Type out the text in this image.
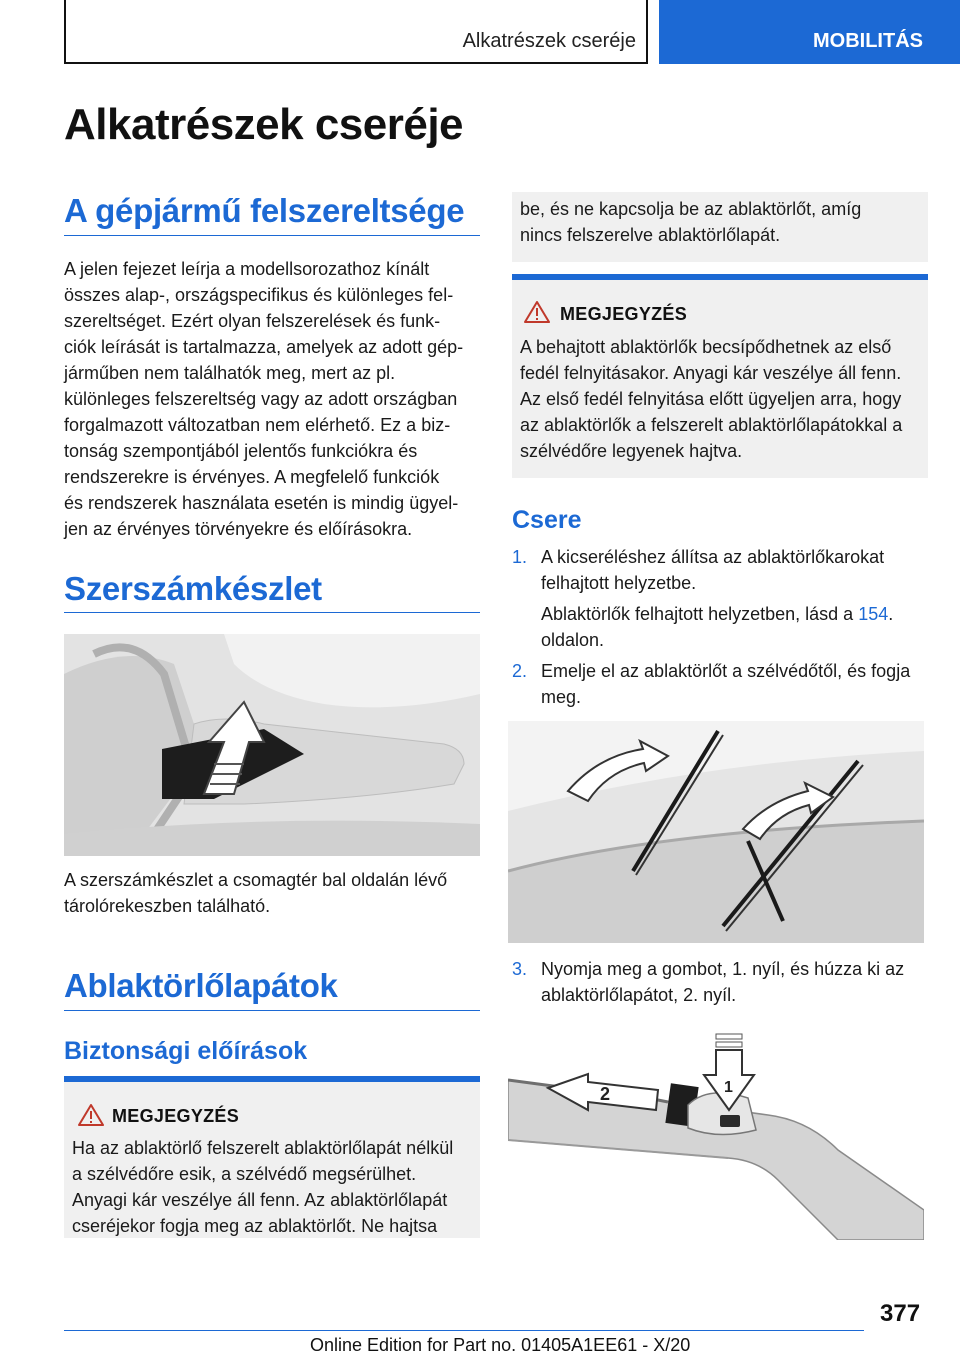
Alkatrészek cseréje	MOBILITÁS
Alkatrészek cseréje
A gépjármű felszereltsége
A jelen fejezet leírja a modellsorozathoz kínált
összes alap-, országspecifikus és különleges fel-
szereltséget. Ezért olyan felszerelések és funk-
ciók leírását is tartalmazza, amelyek az adott gép-
járműben nem találhatók meg, mert az pl.
különleges felszereltség vagy az adott országban
forgalmazott változatban nem elérhető. Ez a biz-
tonság szempontjából jelentős funkciókra és
rendszerekre is érvényes. A megfelelő funkciók
és rendszerek használata esetén is mindig ügyel-
jen az érvényes törvényekre és előírásokra.
Szerszámkészlet
A szerszámkészlet a csomagtér bal oldalán lévő
tárolórekeszben található.
Ablaktörlőlapátok
Biztonsági előírások
MEGJEGYZÉS
Ha az ablaktörlő felszerelt ablaktörlőlapát nélkül
a szélvédőre esik, a szélvédő megsérülhet.
Anyagi kár veszélye áll fenn. Az ablaktörlőlapát
cseréjekor fogja meg az ablaktörlőt. Ne hajtsa
be, és ne kapcsolja be az ablaktörlőt, amíg
nincs felszerelve ablaktörlőlapát.
MEGJEGYZÉS
A behajtott ablaktörlők becsípődhetnek az első
fedél felnyitásakor. Anyagi kár veszélye áll fenn.
Az első fedél felnyitása előtt ügyeljen arra, hogy
az ablaktörlők a felszerelt ablaktörlőlapátokkal a
szélvédőre legyenek hajtva.
Csere
1. A kicseréléshez állítsa az ablaktörlőkarokat
felhajtott helyzetbe.
Ablaktörlők felhajtott helyzetben, lásd a 154.
oldalon.
2. Emelje el az ablaktörlőt a szélvédőtől, és fogja
meg.
3. Nyomja meg a gombot, 1. nyíl, és húzza ki az
ablaktörlőlapátot, 2. nyíl.
2	1
377
Online Edition for Part no. 01405A1EE61 - X/20
